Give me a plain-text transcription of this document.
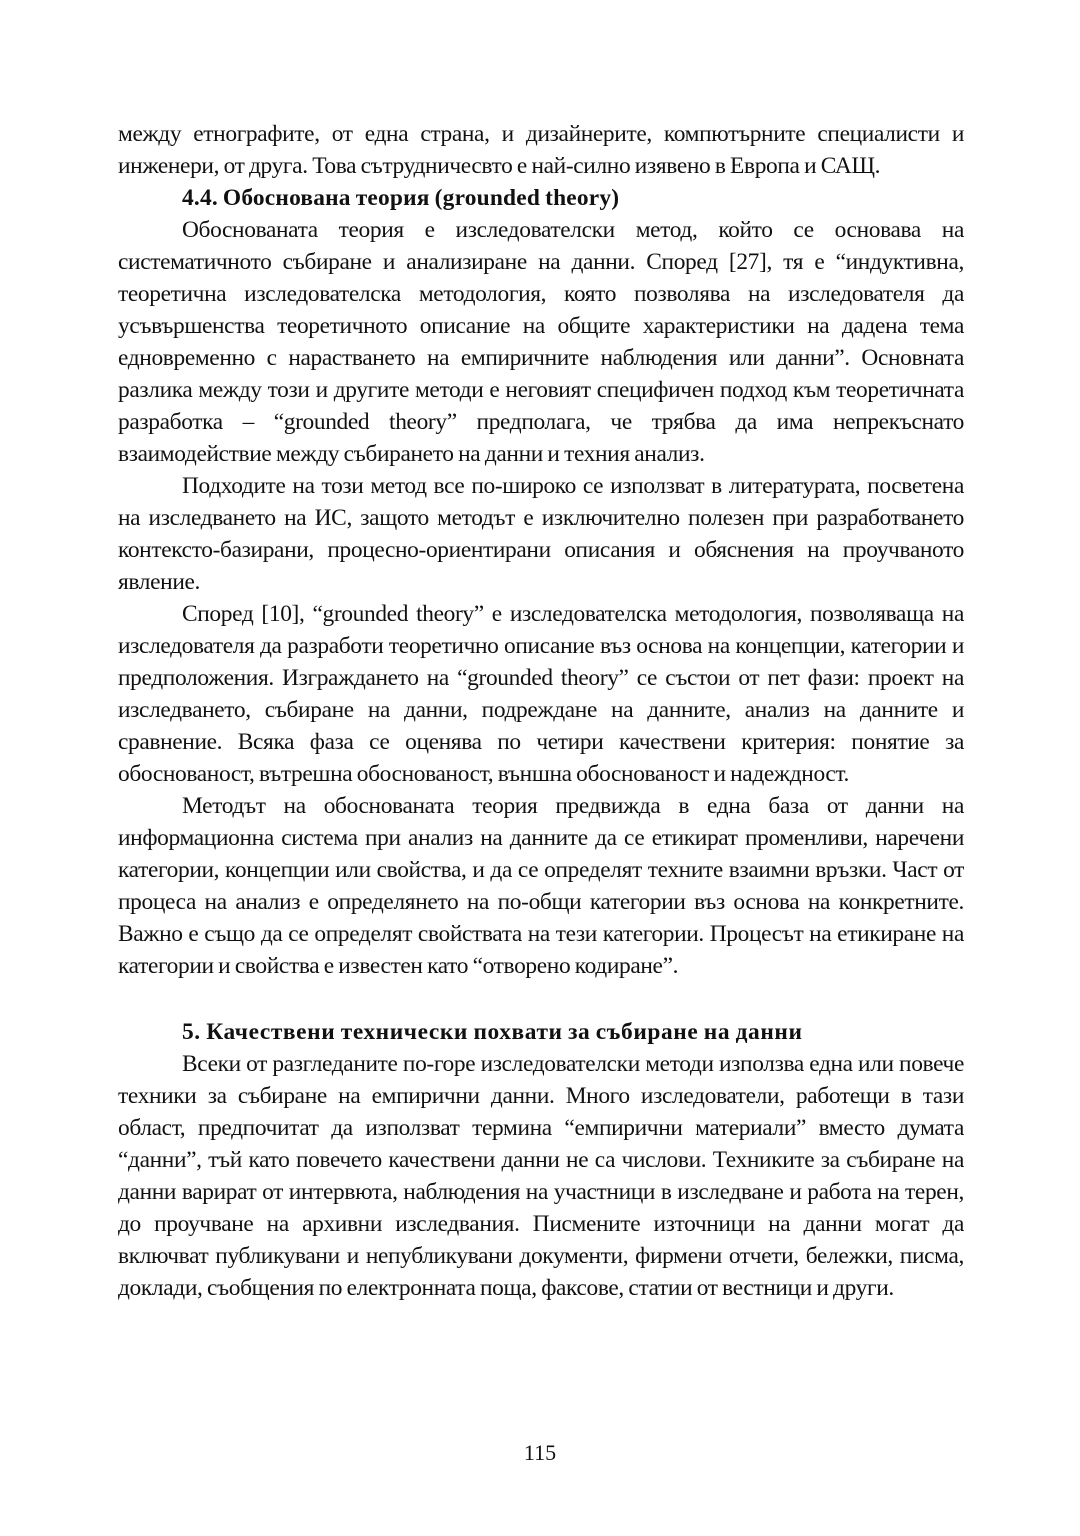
между етнографите, от една страна, и дизайнерите, компютърните специалисти и инженери, от друга. Това сътрудничесвто е най-силно изявено в Европа и САЩ.

4.4. Обоснована теория (grounded theory)

Обоснованата теория е изследователски метод, който се основава на систематичното събиране и анализиране на данни. Според [27], тя е “индуктивна, теоретична изследователска методология, която позволява на изследователя да усъвършенства теоретичното описание на общите характеристики на дадена тема едновременно с нарастването на емпиричните наблюдения или данни”. Основната разлика между този и другите методи е неговият специфичен подход към теоретичната разработка – “grounded theory” предполага, че трябва да има непрекъснато взаимодействие между събирането на данни и техния анализ.

Подходите на този метод все по-широко се използват в литературата, посветена на изследването на ИС, защото методът е изключително полезен при разработването контексто-базирани, процесно-ориентирани описания и обяснения на проучваното явление.

Според [10], “grounded theory” е изследователска методология, позволяваща на изследователя да разработи теоретично описание въз основа на концепции, категории и предположения. Изграждането на “grounded theory” се състои от пет фази: проект на изследването, събиране на данни, подреждане на данните, анализ на данните и сравнение. Всяка фаза се оценява по четири качествени критерия: понятие за обоснованост, вътрешна обоснованост, външна обоснованост и надеждност.

Методът на обоснованата теория предвижда в една база от данни на информационна система при анализ на данните да се етикират променливи, наречени категории, концепции или свойства, и да се определят техните взаимни връзки. Част от процеса на анализ е определянето на по-общи категории въз основа на конкретните. Важно е също да се определят свойствата на тези категории. Процесът на етикиране на категории и свойства е известен като “отворено кодиране”.

5. Качествени технически похвати за събиране на данни

Всеки от разгледаните по-горе изследователски методи използва една или повече техники за събиране на емпирични данни. Много изследователи, работещи в тази област, предпочитат да използват термина “емпирични материали” вместо думата “данни”, тъй като повечето качествени данни не са числови. Техниките за събиране на данни варират от интервюта, наблюдения на участници в изследване и работа на терен, до проучване на архивни изследвания. Писмените източници на данни могат да включват публикувани и непубликувани документи, фирмени отчети, бележки, писма, доклади, съобщения по електронната поща, факсове, статии от вестници и други.

115
